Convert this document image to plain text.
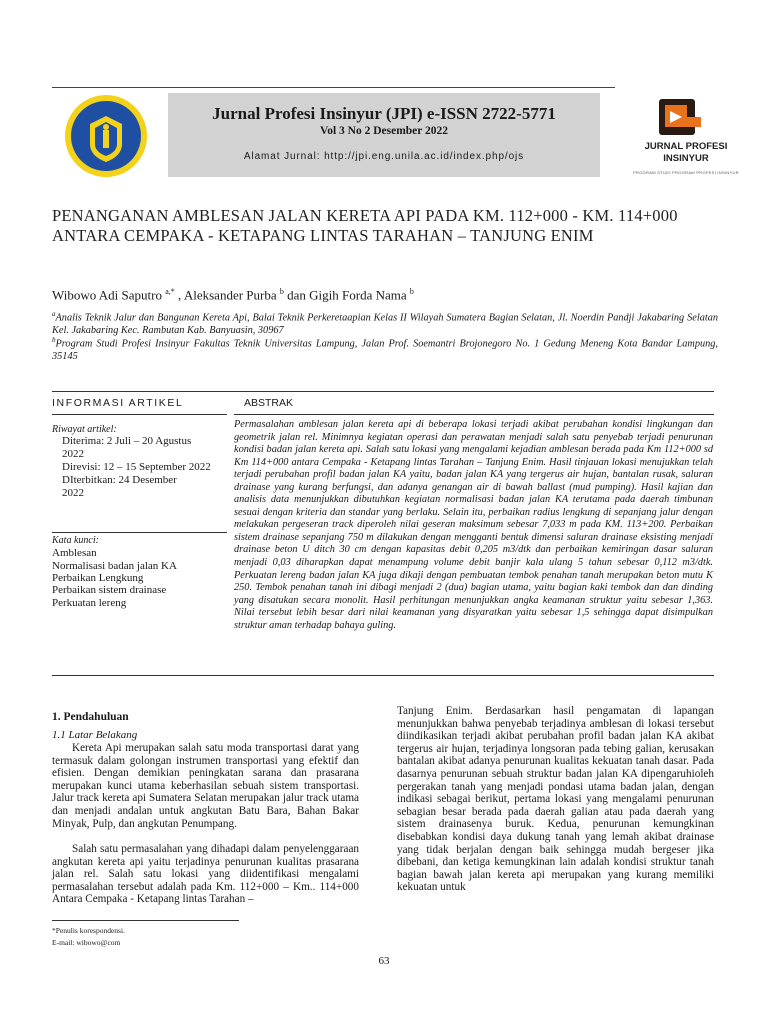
Jurnal Profesi Insinyur (JPI) e-ISSN 2722-5771
Vol 3 No 2 Desember 2022
Alamat Jurnal: http://jpi.eng.unila.ac.id/index.php/ojs
JURNAL PROFESI
INSINYUR
PROGRAM STUDI PROGRAM PROFESI INSINYUR
PENANGANAN AMBLESAN JALAN KERETA API PADA KM. 112+000 - KM. 114+000 ANTARA CEMPAKA - KETAPANG LINTAS TARAHAN – TANJUNG ENIM
Wibowo Adi Saputro $^{a,*}$ , Aleksander Purba $^b$ dan Gigih Forda Nama $^b$
$^a$Analis Teknik Jalur dan Bangunan Kereta Api, Balai Teknik Perkeretaapian Kelas II Wilayah Sumatera Bagian Selatan, Jl. Noerdin Pandji Jakabaring Selatan Kel. Jakabaring Kec. Rambutan Kab. Banyuasin, 30967
$^b$Program Studi Profesi Insinyur Fakultas Teknik Universitas Lampung, Jalan Prof. Soemantri Brojonegoro No. 1 Gedung Meneng Kota Bandar Lampung, 35145
INFORMASI ARTIKEL	ABSTRAK
Riwayat artikel:
Diterima: 2 Juli – 20 Agustus
2022
Direvisi: 12 – 15 September 2022
DIterbitkan: 24 Desember
2022
Kata kunci:
Amblesan
Normalisasi badan jalan KA
Perbaikan Lengkung
Perbaikan sistem drainase
Perkuatan lereng
Permasalahan amblesan jalan kereta api di beberapa lokasi terjadi akibat perubahan kondisi lingkungan dan geometrik jalan rel. Minimnya kegiatan operasi dan perawatan menjadi salah satu penyebab terjadi penurunan kondisi badan jalan kereta api. Salah satu lokasi yang mengalami kejadian amblesan berada pada Km 112+000 sd Km 114+000 antara Cempaka - Ketapang lintas Tarahan – Tanjung Enim. Hasil tinjauan lokasi menujukkan telah terjadi perubahan profil badan jalan KA yaitu, badan jalan KA yang tergerus air hujan, bantalan rusak, saluran drainase yang kurang berfungsi, dan adanya genangan air di bawah ballast (mud pumping). Hasil kajian dan analisis data menunjukkan dibutuhkan kegiatan normalisasi badan jalan KA terutama pada daerah timbunan sesuai dengan kriteria dan standar yang berlaku. Selain itu, perbaikan radius lengkung di sepanjang jalur dengan melakukan pergeseran track diperoleh nilai geseran maksimum sebesar 7,033 m pada KM. 113+200. Perbaikan sistem drainase sepanjang 750 m dilakukan dengan mengganti bentuk dimensi saluran drainase eksisting menjadi drainase beton U ditch 30 cm dengan kapasitas debit 0,205 m3/dtk dan perbaikan kemiringan dasar saluran menjadi 0,03 diharapkan dapat menampung volume debit banjir kala ulang 5 tahun sebesar 0,112 m3/dtk. Perkuatan lereng badan jalan KA juga dikaji dengan pembuatan tembok penahan tanah merupakan beton mutu K 250. Tembok penahan tanah ini dibagi menjadi 2 (dua) bagian utama, yaitu bagian kaki tembok dan dan dinding yang disatukan secara monolit. Hasil perhitungan menunjukkan angka keamanan struktur yaitu sebesar 1,363. Nilai tersebut lebih besar dari nilai keamanan yang disyaratkan yaitu sebesar 1,5 sehingga dapat disimpulkan struktur aman terhadap bahaya guling.
1. Pendahuluan
1.1 Latar Belakang
Kereta Api merupakan salah satu moda transportasi darat yang termasuk dalam golongan instrumen transportasi yang efektif dan efisien. Dengan demikian peningkatan sarana dan prasarana merupakan kunci utama keberhasilan sebuah sistem transportasi. Jalur track kereta api Sumatera Selatan merupakan jalur track utama dan menjadi andalan untuk angkutan Batu Bara, Bahan Bakar Minyak, Pulp, dan angkutan Penumpang.
Salah satu permasalahan yang dihadapi dalam penyelenggaraan angkutan kereta api yaitu terjadinya penurunan kualitas prasarana jalan rel. Salah satu lokasi yang diidentifikasi mengalami permasalahan tersebut adalah pada Km. 112+000 – Km.. 114+000 Antara Cempaka - Ketapang lintas Tarahan –
Tanjung Enim. Berdasarkan hasil pengamatan di lapangan menunjukkan bahwa penyebab terjadinya amblesan di lokasi tersebut diindikasikan terjadi akibat perubahan profil badan jalan KA akibat tergerus air hujan, terjadinya longsoran pada tebing galian, kerusakan bantalan akibat adanya penurunan kualitas kekuatan tanah dasar. Pada dasarnya penurunan sebuah struktur badan jalan KA dipengaruhioleh pergerakan tanah yang menjadi pondasi utama badan jalan, dengan indikasi sebagai berikut, pertama lokasi yang mengalami penurunan sebagian besar berada pada daerah galian atau pada daerah yang sistem drainasenya buruk. Kedua, penurunan kemungkinan disebabkan kondisi daya dukung tanah yang lemah akibat drainase yang tidak berjalan dengan baik sehingga mudah bergeser jika dibebani, dan ketiga kemungkinan lain adalah kondisi struktur tanah bagian bawah jalan kereta api merupakan yang kurang memiliki kekuatan untuk
*Penulis korespondensi.
E-mail: wibowo@com
63
